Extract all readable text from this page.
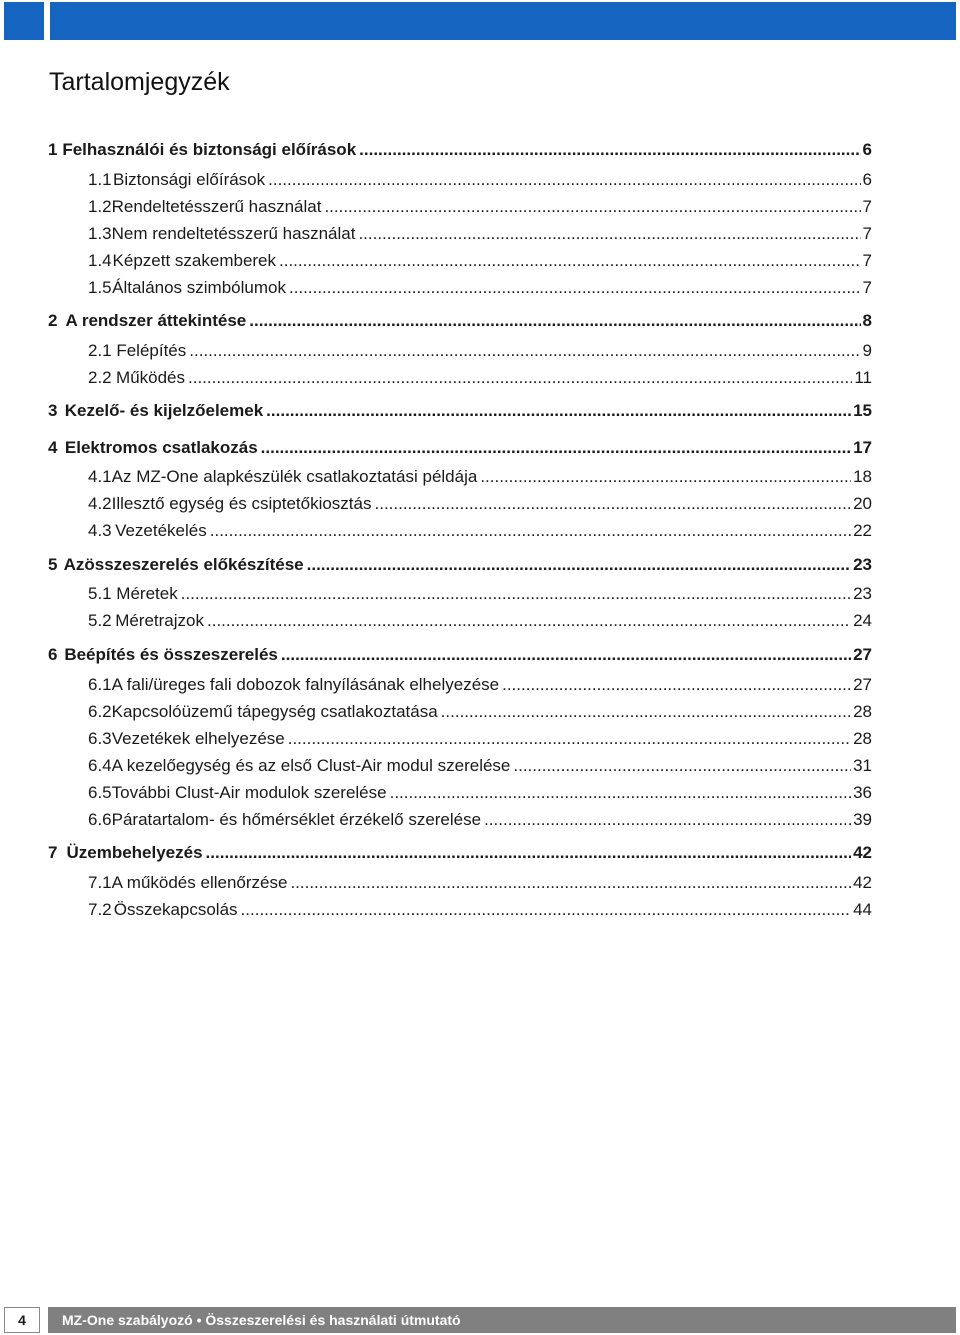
Tartalomjegyzék
1 Felhasználói és biztonsági előírások .....	6
1.1 Biztonsági előírások .....	6
1.2 Rendeltetésszerű használat .....	7
1.3 Nem rendeltetésszerű használat .....	7
1.4 Képzett szakemberek .....	7
1.5 Általános szimbólumok .....	7
2 A rendszer áttekintése .....	8
2.1 Felépítés .....	9
2.2 Működés .....	11
3 Kezelő- és kijelzőelemek .....	15
4 Elektromos csatlakozás .....	17
4.1 Az MZ-One alapkészülék csatlakoztatási példája .....	18
4.2 Illesztő egység és csiptetőkiosztás .....	20
4.3 Vezetékelés .....	22
5 Azösszeszerelés előkészítése .....	23
5.1 Méretek .....	23
5.2 Méretrajzok .....	24
6 Beépítés és összeszerelés .....	27
6.1 A fali/üreges fali dobozok falnyílásának elhelyezése .....	27
6.2 Kapcsolóüzemű tápegység csatlakoztatása .....	28
6.3 Vezetékek elhelyezése .....	28
6.4 A kezelőegység és az első Clust-Air modul szerelése .....	31
6.5 További Clust-Air modulok szerelése .....	36
6.6 Páratartalom- és hőmérséklet érzékelő szerelése .....	39
7 Üzembehelyezés .....	42
7.1 A működés ellenőrzése .....	42
7.2 Összekapcsolás .....	44
4	MZ-One szabályozó • Összeszerelési és használati útmutató
